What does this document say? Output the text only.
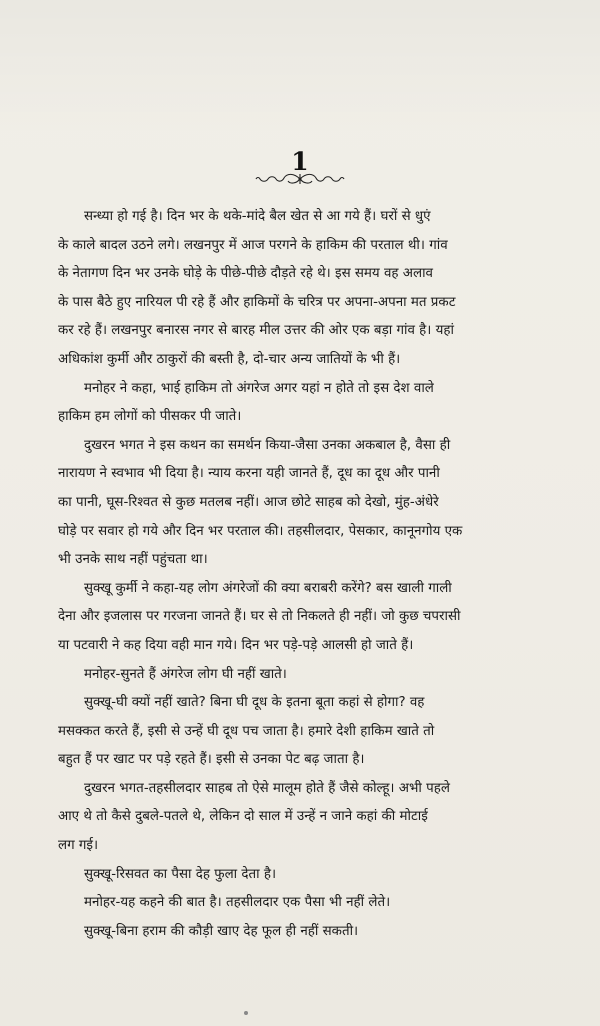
1
सन्ध्या हो गई है। दिन भर के थके-मांदे बैल खेत से आ गये हैं। घरों से धुएं
के काले बादल उठने लगे। लखनपुर में आज परगने के हाकिम की परताल थी। गांव
के नेतागण दिन भर उनके घोड़े के पीछे-पीछे दौड़ते रहे थे। इस समय वह अलाव
के पास बैठे हुए नारियल पी रहे हैं और हाकिमों के चरित्र पर अपना-अपना मत प्रकट
कर रहे हैं। लखनपुर बनारस नगर से बारह मील उत्तर की ओर एक बड़ा गांव है। यहां
अधिकांश कुर्मी और ठाकुरों की बस्ती है, दो-चार अन्य जातियों के भी हैं।
मनोहर ने कहा, भाई हाकिम तो अंगरेज अगर यहां न होते तो इस देश वाले
हाकिम हम लोगों को पीसकर पी जाते।
दुखरन भगत ने इस कथन का समर्थन किया-जैसा उनका अकबाल है, वैसा ही
नारायण ने स्वभाव भी दिया है। न्याय करना यही जानते हैं, दूध का दूध और पानी
का पानी, घूस-रिश्वत से कुछ मतलब नहीं। आज छोटे साहब को देखो, मुंह-अंधेरे
घोड़े पर सवार हो गये और दिन भर परताल की। तहसीलदार, पेसकार, कानूनगोय एक
भी उनके साथ नहीं पहुंचता था।
सुक्खू कुर्मी ने कहा-यह लोग अंगरेजों की क्या बराबरी करेंगे? बस खाली गाली
देना और इजलास पर गरजना जानते हैं। घर से तो निकलते ही नहीं। जो कुछ चपरासी
या पटवारी ने कह दिया वही मान गये। दिन भर पड़े-पड़े आलसी हो जाते हैं।
मनोहर-सुनते हैं अंगरेज लोग घी नहीं खाते।
सुक्खू-घी क्यों नहीं खाते? बिना घी दूध के इतना बूता कहां से होगा? वह
मसक्कत करते हैं, इसी से उन्हें घी दूध पच जाता है। हमारे देशी हाकिम खाते तो
बहुत हैं पर खाट पर पड़े रहते हैं। इसी से उनका पेट बढ़ जाता है।
दुखरन भगत-तहसीलदार साहब तो ऐसे मालूम होते हैं जैसे कोल्हू। अभी पहले
आए थे तो कैसे दुबले-पतले थे, लेकिन दो साल में उन्हें न जाने कहां की मोटाई
लग गई।
सुक्खू-रिसवत का पैसा देह फुला देता है।
मनोहर-यह कहने की बात है। तहसीलदार एक पैसा भी नहीं लेते।
सुक्खू-बिना हराम की कौड़ी खाए देह फूल ही नहीं सकती।
